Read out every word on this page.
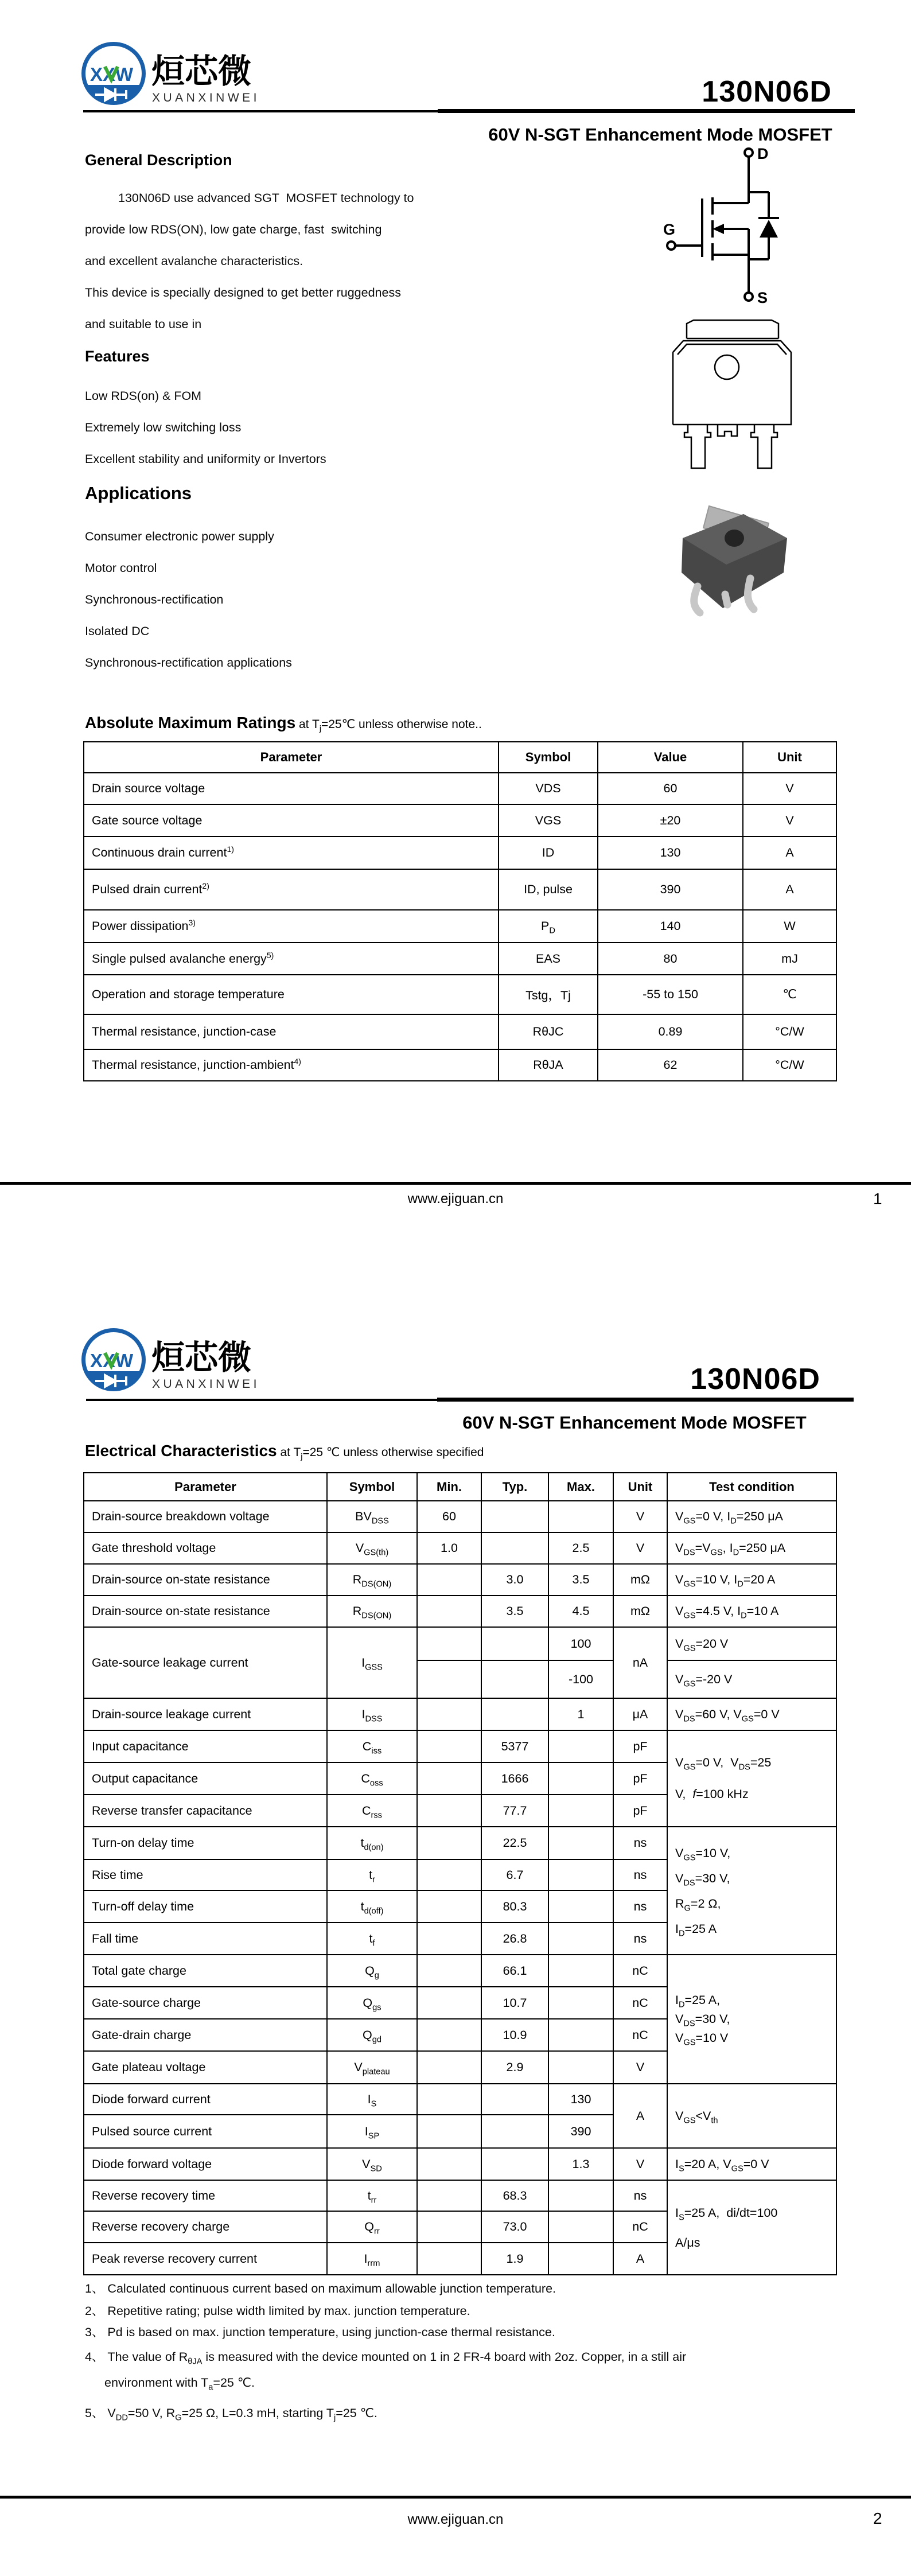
130N06D
60V N-SGT Enhancement Mode MOSFET
General Description
130N06D use advanced SGT  MOSFET technology to
provide low RDS(ON), low gate charge, fast  switching
and excellent avalanche characteristics.
This device is specially designed to get better ruggedness
and suitable to use in
Features
Low RDS(on) & FOM
Extremely low switching loss
Excellent stability and uniformity or Invertors
Applications
Consumer electronic power supply
Motor control
Synchronous-rectification
Isolated DC
Synchronous-rectification applications
D
G
S
Absolute Maximum Ratings at $T_j=25℃$ unless otherwise note..
Parameter	Symbol	Value	Unit
Drain source voltage	VDS	60	V
Gate source voltage	VGS	±20	V
Continuous drain current$^{1)}$	ID	130	A
Pulsed drain current$^{2)}$	ID, pulse	390	A
Power dissipation$^{3)}$	$P_D$	140	W
Single pulsed avalanche energy$^{5)}$	EAS	80	mJ
Operation and storage temperature	Tstg，Tj	-55 to 150	℃
Thermal resistance, junction-case	RθJC	0.89	°C/W
Thermal resistance, junction-ambient$^{4)}$	RθJA	62	°C/W
www.ejiguan.cn	1
130N06D
60V N-SGT Enhancement Mode MOSFET
Electrical Characteristics at $T_j=25$ ℃ unless otherwise specified
Parameter	Symbol	Min.	Typ.	Max.	Unit	Test condition
Drain-source breakdown voltage	$BV_{DSS}$	60			V	$V_{GS}=0$ V, $I_D=250$ μA
Gate threshold voltage	$V_{GS(th)}$	1.0		2.5	V	$V_{DS}=V_{GS}$, $I_D=250$ μA
Drain-source on-state resistance	$R_{DS(ON)}$		3.0	3.5	mΩ	$V_{GS}=10$ V, $I_D=20$ A
Drain-source on-state resistance	$R_{DS(ON)}$		3.5	4.5	mΩ	$V_{GS}=4.5$ V, $I_D=10$ A
Gate-source leakage current	$I_{GSS}$			100	nA	$V_{GS}=20$ V
				-100		$V_{GS}=-20$ V
Drain-source leakage current	$I_{DSS}$			1	μA	$V_{DS}=60$ V, $V_{GS}=0$ V
Input capacitance	$C_{iss}$		5377		pF	$V_{GS}=0$ V,  $V_{DS}=25$
V,  f=100 kHz
Output capacitance	$C_{oss}$		1666		pF	
Reverse transfer capacitance	$C_{rss}$		77.7		pF	
Turn-on delay time	$t_{d(on)}$		22.5		ns	$V_{GS}=10$ V,
$V_{DS}=30$ V,
$R_G=2$ Ω,
$I_D=25$ A
Rise time	$t_r$		6.7		ns	
Turn-off delay time	$t_{d(off)}$		80.3		ns	
Fall time	$t_f$		26.8		ns	
Total gate charge	$Q_g$		66.1		nC	$I_D=25$ A,
$V_{DS}=30$ V,
$V_{GS}=10$ V
Gate-source charge	$Q_{gs}$		10.7		nC	
Gate-drain charge	$Q_{gd}$		10.9		nC	
Gate plateau voltage	$V_{plateau}$		2.9		V	
Diode forward current	$I_S$			130	A	$V_{GS}<V_{th}$
Pulsed source current	$I_{SP}$			390		
Diode forward voltage	$V_{SD}$			1.3	V	$I_S=20$ A, $V_{GS}=0$ V
Reverse recovery time	$t_{rr}$		68.3		ns	$I_S=25$ A,  di/dt=100
A/μs
Reverse recovery charge	$Q_{rr}$		73.0		nC	
Peak reverse recovery current	$I_{rrm}$		1.9		A	
1、 Calculated continuous current based on maximum allowable junction temperature.
2、 Repetitive rating; pulse width limited by max. junction temperature.
3、 Pd is based on max. junction temperature, using junction-case thermal resistance.
4、 The value of $R_{\theta JA}$ is measured with the device mounted on 1 in 2 FR-4 board with 2oz. Copper, in a still air
environment with $T_a=25$ ℃.
5、 $V_{DD}=50$ V, $R_G=25$ Ω, L=0.3 mH, starting $T_j=25$ ℃.
www.ejiguan.cn	2
